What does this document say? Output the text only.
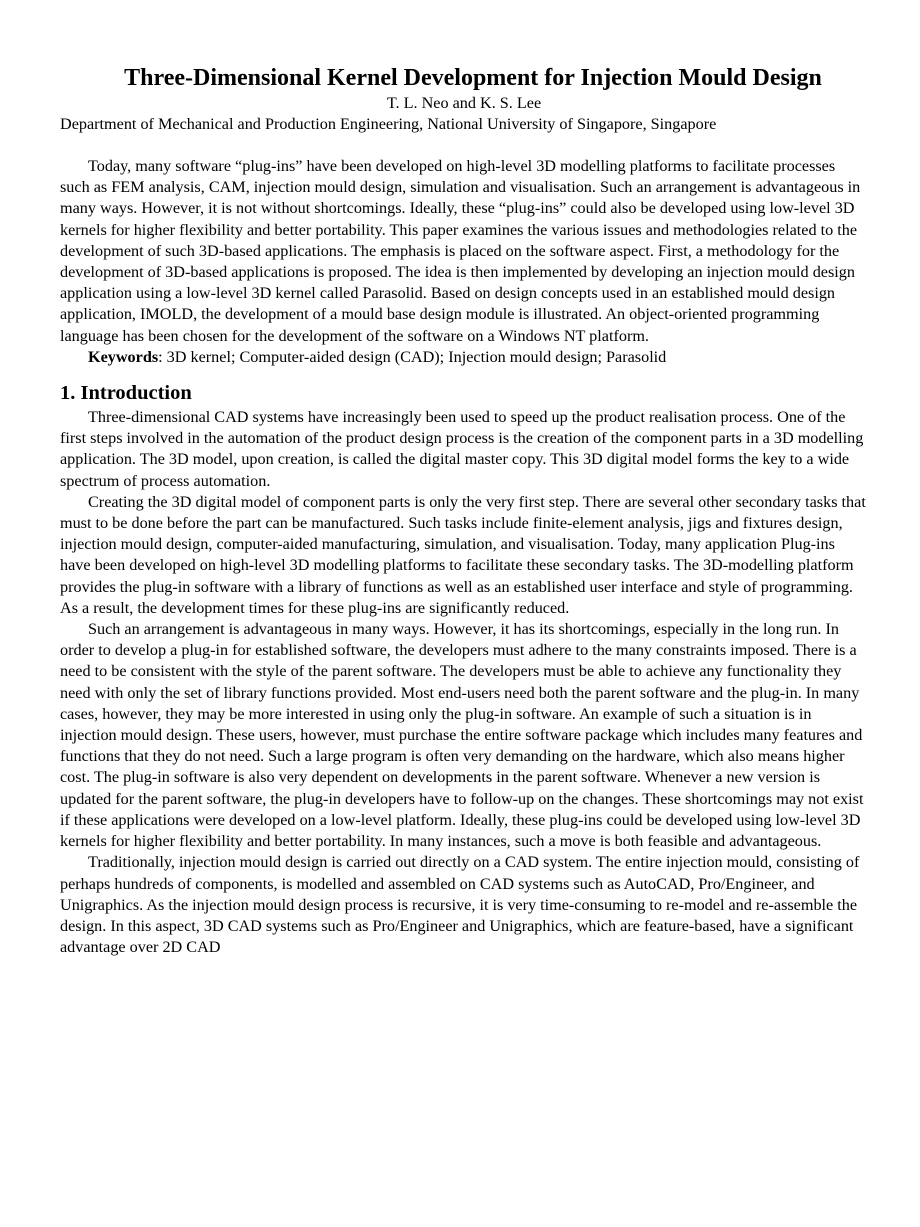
Three-Dimensional Kernel Development for Injection Mould Design
T. L. Neo and K. S. Lee
Department of Mechanical and Production Engineering, National University of Singapore, Singapore

Today, many software “plug-ins” have been developed on high-level 3D modelling platforms to facilitate processes such as FEM analysis, CAM, injection mould design, simulation and visualisation. Such an arrangement is advantageous in many ways. However, it is not without shortcomings. Ideally, these “plug-ins” could also be developed using low-level 3D kernels for higher flexibility and better portability. This paper examines the various issues and methodologies related to the development of such 3D-based applications. The emphasis is placed on the software aspect. First, a methodology for the development of 3D-based applications is proposed. The idea is then implemented by developing an injection mould design application using a low-level 3D kernel called Parasolid. Based on design concepts used in an established mould design application, IMOLD, the development of a mould base design module is illustrated. An object-oriented programming language has been chosen for the development of the software on a Windows NT platform.

Keywords: 3D kernel; Computer-aided design (CAD); Injection mould design; Parasolid

1. Introduction

Three-dimensional CAD systems have increasingly been used to speed up the product realisation process. One of the first steps involved in the automation of the product design process is the creation of the component parts in a 3D modelling application. The 3D model, upon creation, is called the digital master copy. This 3D digital model forms the key to a wide spectrum of process automation.

Creating the 3D digital model of component parts is only the very first step. There are several other secondary tasks that must to be done before the part can be manufactured. Such tasks include finite-element analysis, jigs and fixtures design, injection mould design, computer-aided manufacturing, simulation, and visualisation. Today, many application Plug-ins have been developed on high-level 3D modelling platforms to facilitate these secondary tasks. The 3D-modelling platform provides the plug-in software with a library of functions as well as an established user interface and style of programming. As a result, the development times for these plug-ins are significantly reduced.

Such an arrangement is advantageous in many ways. However, it has its shortcomings, especially in the long run. In order to develop a plug-in for established software, the developers must adhere to the many constraints imposed. There is a need to be consistent with the style of the parent software. The developers must be able to achieve any functionality they need with only the set of library functions provided. Most end-users need both the parent software and the plug-in. In many cases, however, they may be more interested in using only the plug-in software. An example of such a situation is in injection mould design. These users, however, must purchase the entire software package which includes many features and functions that they do not need. Such a large program is often very demanding on the hardware, which also means higher cost. The plug-in software is also very dependent on developments in the parent software. Whenever a new version is updated for the parent software, the plug-in developers have to follow-up on the changes. These shortcomings may not exist if these applications were developed on a low-level platform. Ideally, these plug-ins could be developed using low-level 3D kernels for higher flexibility and better portability. In many instances, such a move is both feasible and advantageous.

Traditionally, injection mould design is carried out directly on a CAD system. The entire injection mould, consisting of perhaps hundreds of components, is modelled and assembled on CAD systems such as AutoCAD, Pro/Engineer, and Unigraphics. As the injection mould design process is recursive, it is very time-consuming to re-model and re-assemble the design. In this aspect, 3D CAD systems such as Pro/Engineer and Unigraphics, which are feature-based, have a significant advantage over 2D CAD
